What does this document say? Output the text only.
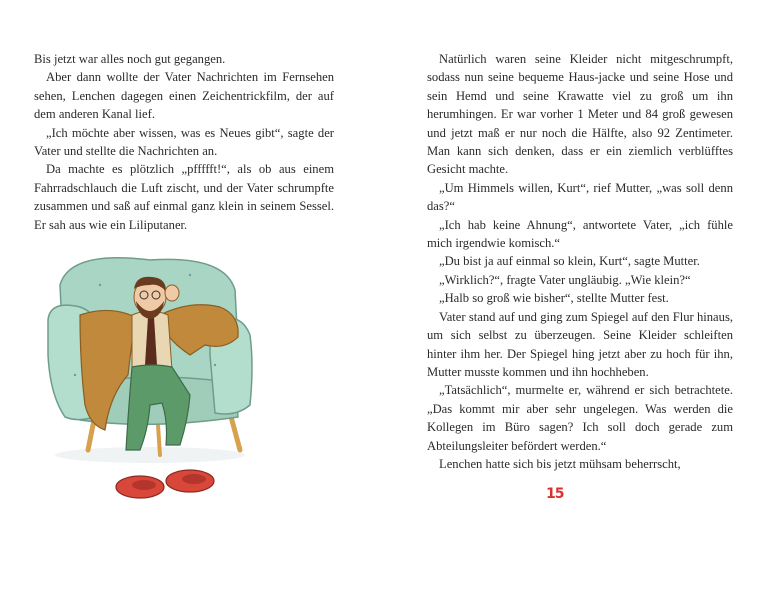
Bis jetzt war alles noch gut gegangen.

Aber dann wollte der Vater Nachrichten im Fernsehen sehen, Lenchen dagegen einen Zeichentrickfilm, der auf dem anderen Kanal lief.

„Ich möchte aber wissen, was es Neues gibt“, sagte der Vater und stellte die Nachrichten an.

Da machte es plötzlich „pffffft!“, als ob aus einem Fahrradschlauch die Luft zischt, und der Vater schrumpfte zusammen und saß auf einmal ganz klein in seinem Sessel. Er sah aus wie ein Liliputaner.

Natürlich waren seine Kleider nicht mitgeschrumpft, sodass nun seine bequeme Haus-jacke und seine Hose und sein Hemd und seine Krawatte viel zu groß um ihn herumhingen. Er war vorher 1 Meter und 84 groß gewesen und jetzt maß er nur noch die Hälfte, also 92 Zentimeter. Man kann sich denken, dass er ein ziemlich verblüfftes Gesicht machte.

„Um Himmels willen, Kurt“, rief Mutter, „was soll denn das?“

„Ich hab keine Ahnung“, antwortete Vater, „ich fühle mich irgendwie komisch.“

„Du bist ja auf einmal so klein, Kurt“, sagte Mutter.

„Wirklich?“, fragte Vater ungläubig. „Wie klein?“

„Halb so groß wie bisher“, stellte Mutter fest.

Vater stand auf und ging zum Spiegel auf den Flur hinaus, um sich selbst zu überzeugen. Seine Kleider schleiften hinter ihm her. Der Spiegel hing jetzt aber zu hoch für ihn, Mutter musste kommen und ihn hochheben.

„Tatsächlich“, murmelte er, während er sich betrachtete. „Das kommt mir aber sehr ungelegen. Was werden die Kollegen im Büro sagen? Ich soll doch gerade zum Abteilungsleiter befördert werden.“

Lenchen hatte sich bis jetzt mühsam beherrscht,

15
